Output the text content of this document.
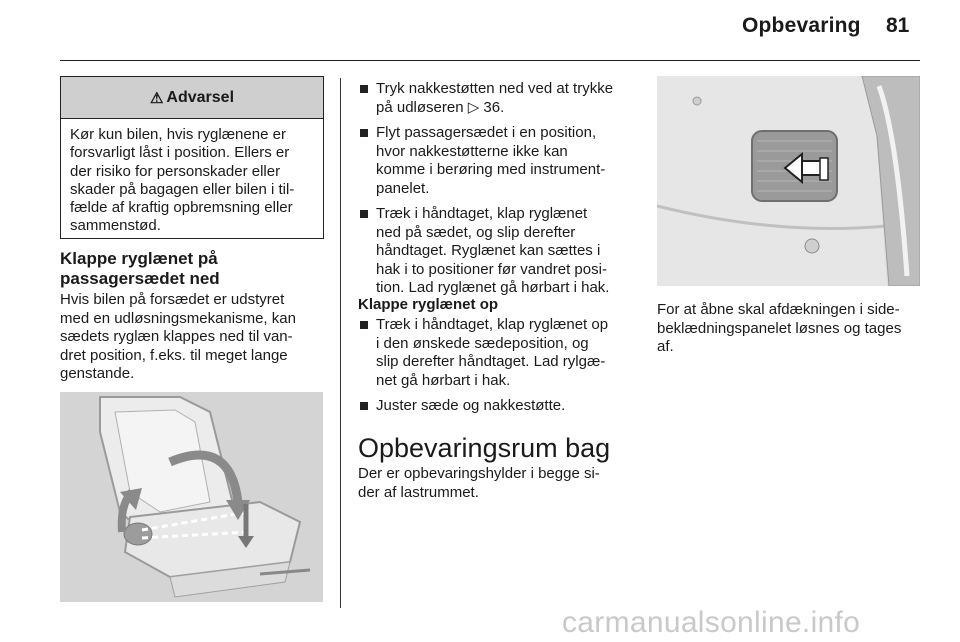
Opbevaring 81
⚠ Advarsel
Kør kun bilen, hvis ryglænene er
forsvarligt låst i position. Ellers er
der risiko for personskader eller
skader på bagagen eller bilen i til-
fælde af kraftig opbremsning eller
sammenstød.
Klappe ryglænet på
passagersædet ned
Hvis bilen på forsædet er udstyret
med en udløsningsmekanisme, kan
sædets ryglæn klappes ned til van-
dret position, f.eks. til meget lange
genstande.
Tryk nakkestøtten ned ved at trykke
på udløseren ▷ 36.
Flyt passagersædet i en position,
hvor nakkestøtterne ikke kan
komme i berøring med instrument-
panelet.
Træk i håndtaget, klap ryglænet
ned på sædet, og slip derefter
håndtaget. Ryglænet kan sættes i
hak i to positioner før vandret posi-
tion. Lad ryglænet gå hørbart i hak.
Klappe ryglænet op
Træk i håndtaget, klap ryglænet op
i den ønskede sædeposition, og
slip derefter håndtaget. Lad rylgæ-
net gå hørbart i hak.
Juster sæde og nakkestøtte.
Opbevaringsrum bag
Der er opbevaringshylder i begge si-
der af lastrummet.
For at åbne skal afdækningen i side-
beklædningspanelet løsnes og tages
af.
carmanualsonline.info
